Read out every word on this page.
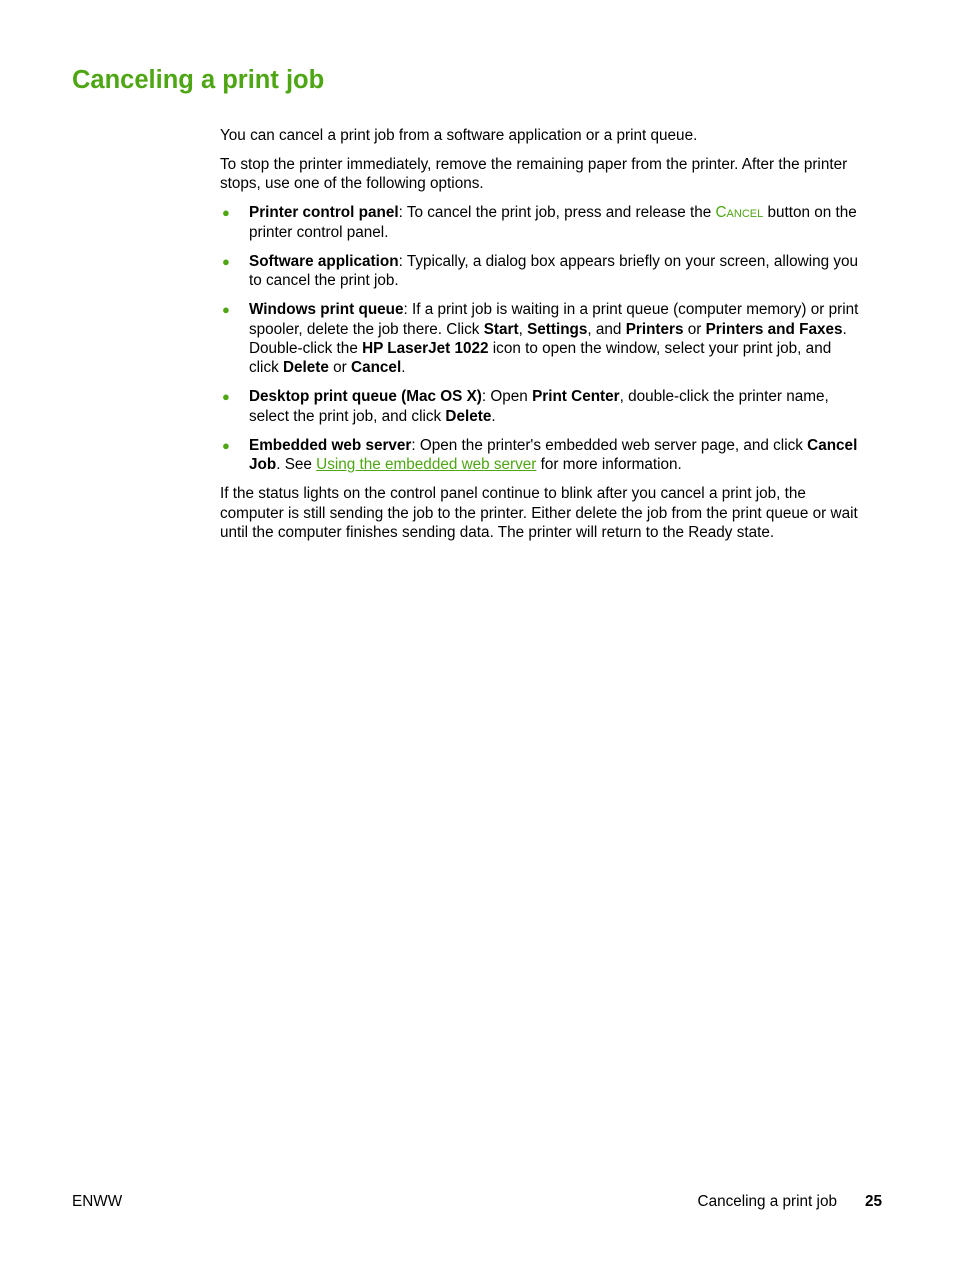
Canceling a print job

You can cancel a print job from a software application or a print queue.

To stop the printer immediately, remove the remaining paper from the printer. After the printer stops, use one of the following options.

● Printer control panel: To cancel the print job, press and release the Cancel button on the printer control panel.
● Software application: Typically, a dialog box appears briefly on your screen, allowing you to cancel the print job.
● Windows print queue: If a print job is waiting in a print queue (computer memory) or print spooler, delete the job there. Click Start, Settings, and Printers or Printers and Faxes. Double-click the HP LaserJet 1022 icon to open the window, select your print job, and click Delete or Cancel.
● Desktop print queue (Mac OS X): Open Print Center, double-click the printer name, select the print job, and click Delete.
● Embedded web server: Open the printer's embedded web server page, and click Cancel Job. See Using the embedded web server for more information.

If the status lights on the control panel continue to blink after you cancel a print job, the computer is still sending the job to the printer. Either delete the job from the print queue or wait until the computer finishes sending data. The printer will return to the Ready state.

ENWW	Canceling a print job 25
